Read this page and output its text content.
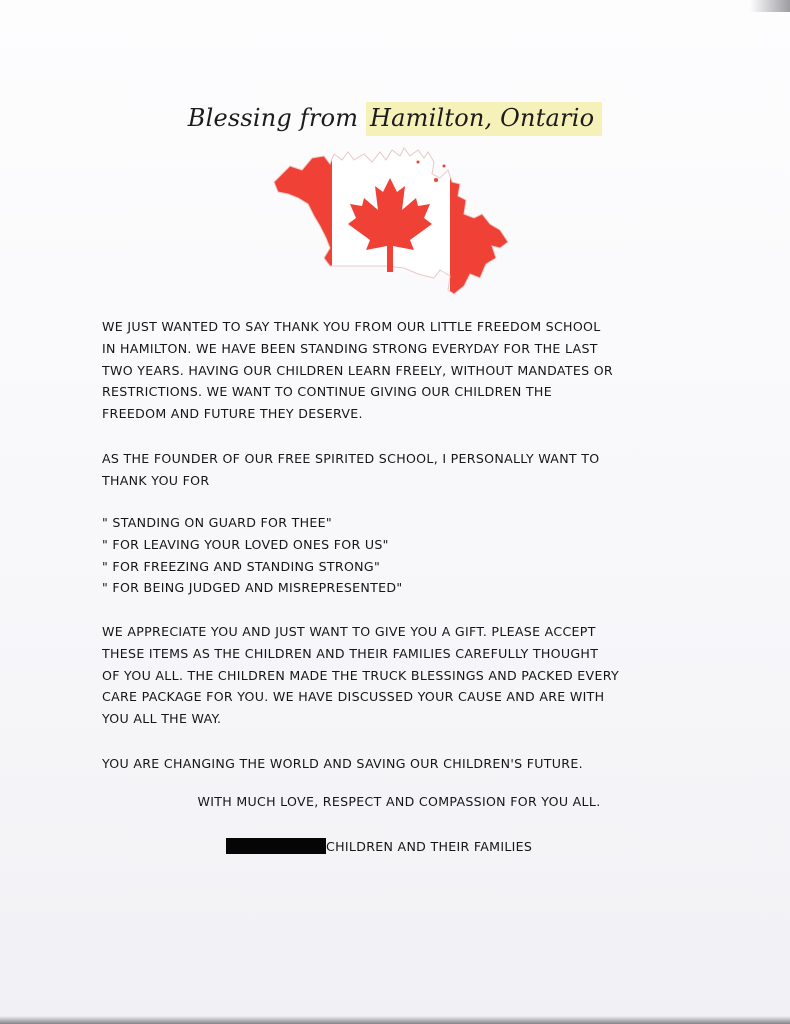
Blessing from Hamilton, Ontario
WE JUST WANTED TO SAY THANK YOU FROM OUR LITTLE FREEDOM SCHOOL
IN HAMILTON. WE HAVE BEEN STANDING STRONG EVERYDAY FOR THE LAST
TWO YEARS. HAVING OUR CHILDREN LEARN FREELY, WITHOUT MANDATES OR
RESTRICTIONS. WE WANT TO CONTINUE GIVING OUR CHILDREN THE
FREEDOM AND FUTURE THEY DESERVE.
AS THE FOUNDER OF OUR FREE SPIRITED SCHOOL, I PERSONALLY WANT TO
THANK YOU FOR
" STANDING ON GUARD FOR THEE"
" FOR LEAVING YOUR LOVED ONES FOR US"
" FOR FREEZING AND STANDING STRONG"
" FOR BEING JUDGED AND MISREPRESENTED"
WE APPRECIATE YOU AND JUST WANT TO GIVE YOU A GIFT. PLEASE ACCEPT
THESE ITEMS AS THE CHILDREN AND THEIR FAMILIES CAREFULLY THOUGHT
OF YOU ALL. THE CHILDREN MADE THE TRUCK BLESSINGS AND PACKED EVERY
CARE PACKAGE FOR YOU. WE HAVE DISCUSSED YOUR CAUSE AND ARE WITH
YOU ALL THE WAY.
YOU ARE CHANGING THE WORLD AND SAVING OUR CHILDREN'S FUTURE.
WITH MUCH LOVE, RESPECT AND COMPASSION FOR YOU ALL.
CHILDREN AND THEIR FAMILIES
